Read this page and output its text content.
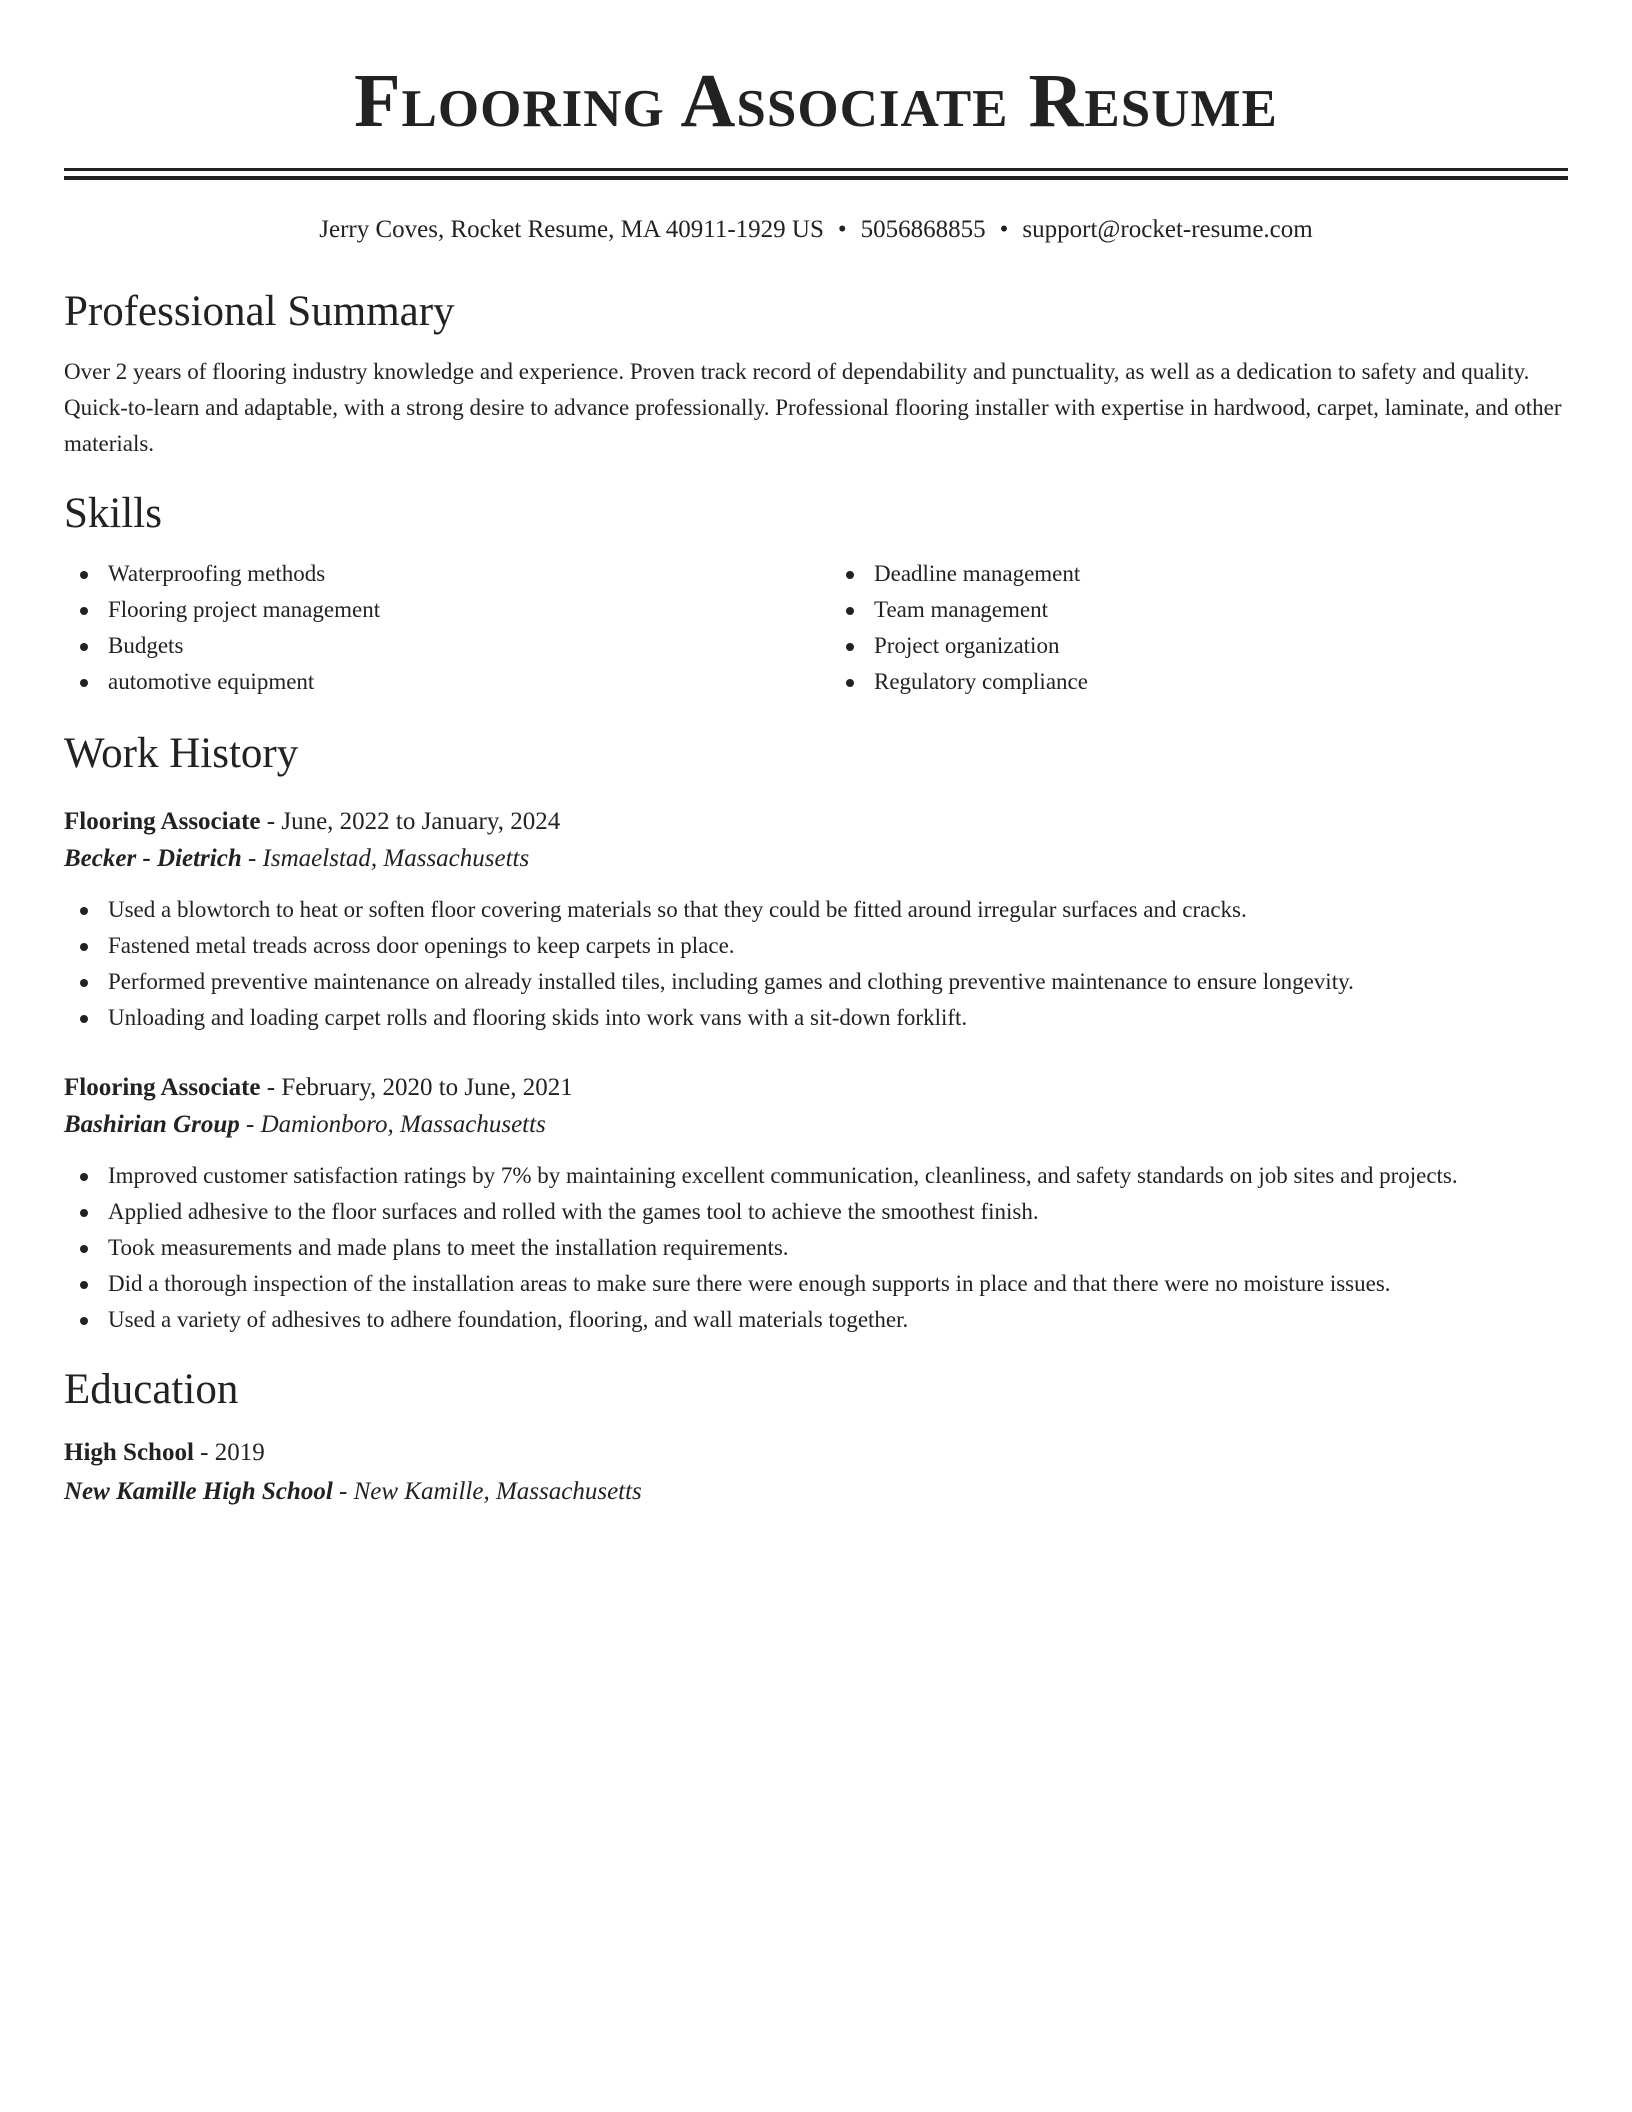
Flooring Associate Resume
Jerry Coves, Rocket Resume, MA 40911-1929 US • 5056868855 • support@rocket-resume.com
Professional Summary

Over 2 years of flooring industry knowledge and experience. Proven track record of dependability and punctuality, as well as a dedication to safety and quality. Quick-to-learn and adaptable, with a strong desire to advance professionally. Professional flooring installer with expertise in hardwood, carpet, laminate, and other materials.

Skills
Waterproofing methods
Flooring project management
Budgets
automotive equipment
Deadline management
Team management
Project organization
Regulatory compliance
Work History
Flooring Associate - June, 2022 to January, 2024
Becker - Dietrich - Ismaelstad, Massachusetts
Used a blowtorch to heat or soften floor covering materials so that they could be fitted around irregular surfaces and cracks.
Fastened metal treads across door openings to keep carpets in place.
Performed preventive maintenance on already installed tiles, including games and clothing preventive maintenance to ensure longevity.
Unloading and loading carpet rolls and flooring skids into work vans with a sit-down forklift.
Flooring Associate - February, 2020 to June, 2021
Bashirian Group - Damionboro, Massachusetts
Improved customer satisfaction ratings by 7% by maintaining excellent communication, cleanliness, and safety standards on job sites and projects.
Applied adhesive to the floor surfaces and rolled with the games tool to achieve the smoothest finish.
Took measurements and made plans to meet the installation requirements.
Did a thorough inspection of the installation areas to make sure there were enough supports in place and that there were no moisture issues.
Used a variety of adhesives to adhere foundation, flooring, and wall materials together.
Education
High School - 2019
New Kamille High School - New Kamille, Massachusetts
